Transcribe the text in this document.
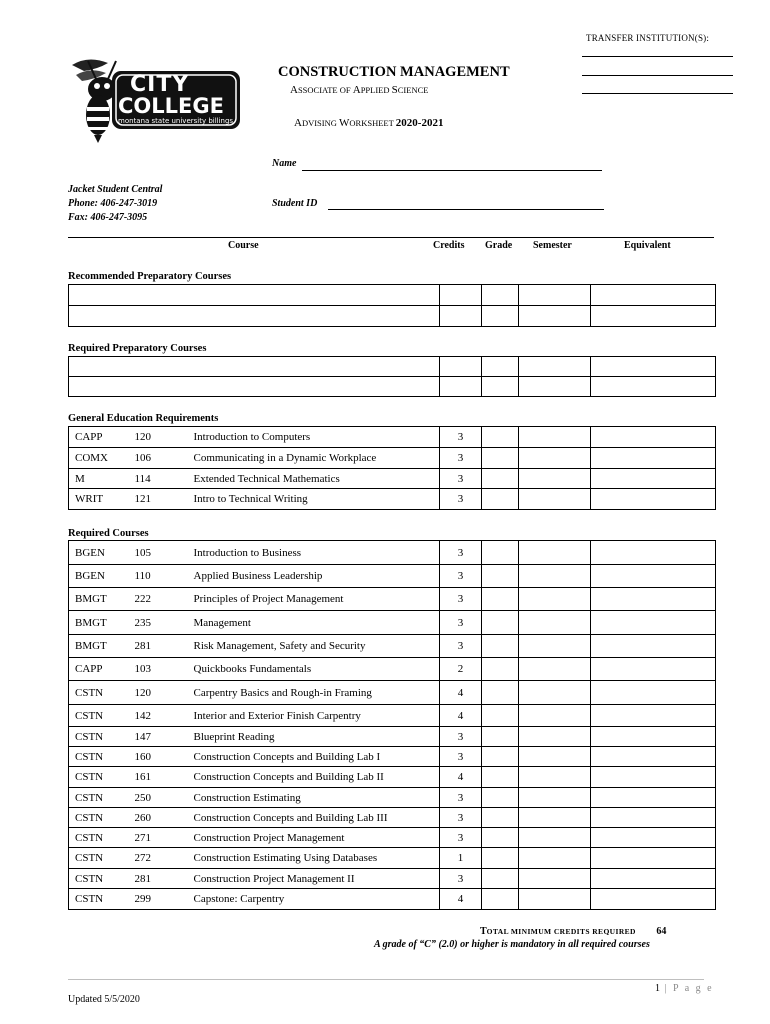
TRANSFER INSTITUTION(S):
CITY
COLLEGE
montana state university billings
CONSTRUCTION MANAGEMENT
ASSOCIATE OF APPLIED SCIENCE
ADVISING WORKSHEET 2020-2021
Name
Student ID
Jacket Student Central
Phone: 406-247-3019
Fax: 406-247-3095
Course	Credits Grade Semester	Equivalent
Recommended Preparatory Courses

Required Preparatory Courses

General Education Requirements
CAPP	120	Introduction to Computers	3			
COMX	106	Communicating in a Dynamic Workplace	3			
M	114	Extended Technical Mathematics	3			
WRIT	121	Intro to Technical Writing	3			
Required Courses
BGEN	105	Introduction to Business	3			
BGEN	110	Applied Business Leadership	3			
BMGT	222	Principles of Project Management	3			
BMGT	235	Management	3			
BMGT	281	Risk Management, Safety and Security	3			
CAPP	103	Quickbooks Fundamentals	2			
CSTN	120	Carpentry Basics and Rough-in Framing	4			
CSTN	142	Interior and Exterior Finish Carpentry	4			
CSTN	147	Blueprint Reading	3			
CSTN	160	Construction Concepts and Building Lab I	3			
CSTN	161	Construction Concepts and Building Lab II	4			
CSTN	250	Construction Estimating	3			
CSTN	260	Construction Concepts and Building Lab III	3			
CSTN	271	Construction Project Management	3			
CSTN	272	Construction Estimating Using Databases	1			
CSTN	281	Construction Project Management II	3			
CSTN	299	Capstone: Carpentry	4			
TOTAL MINIMUM CREDITS REQUIRED 64
A grade of “C” (2.0) or higher is mandatory in all required courses
1 | P a g e
Updated 5/5/2020
